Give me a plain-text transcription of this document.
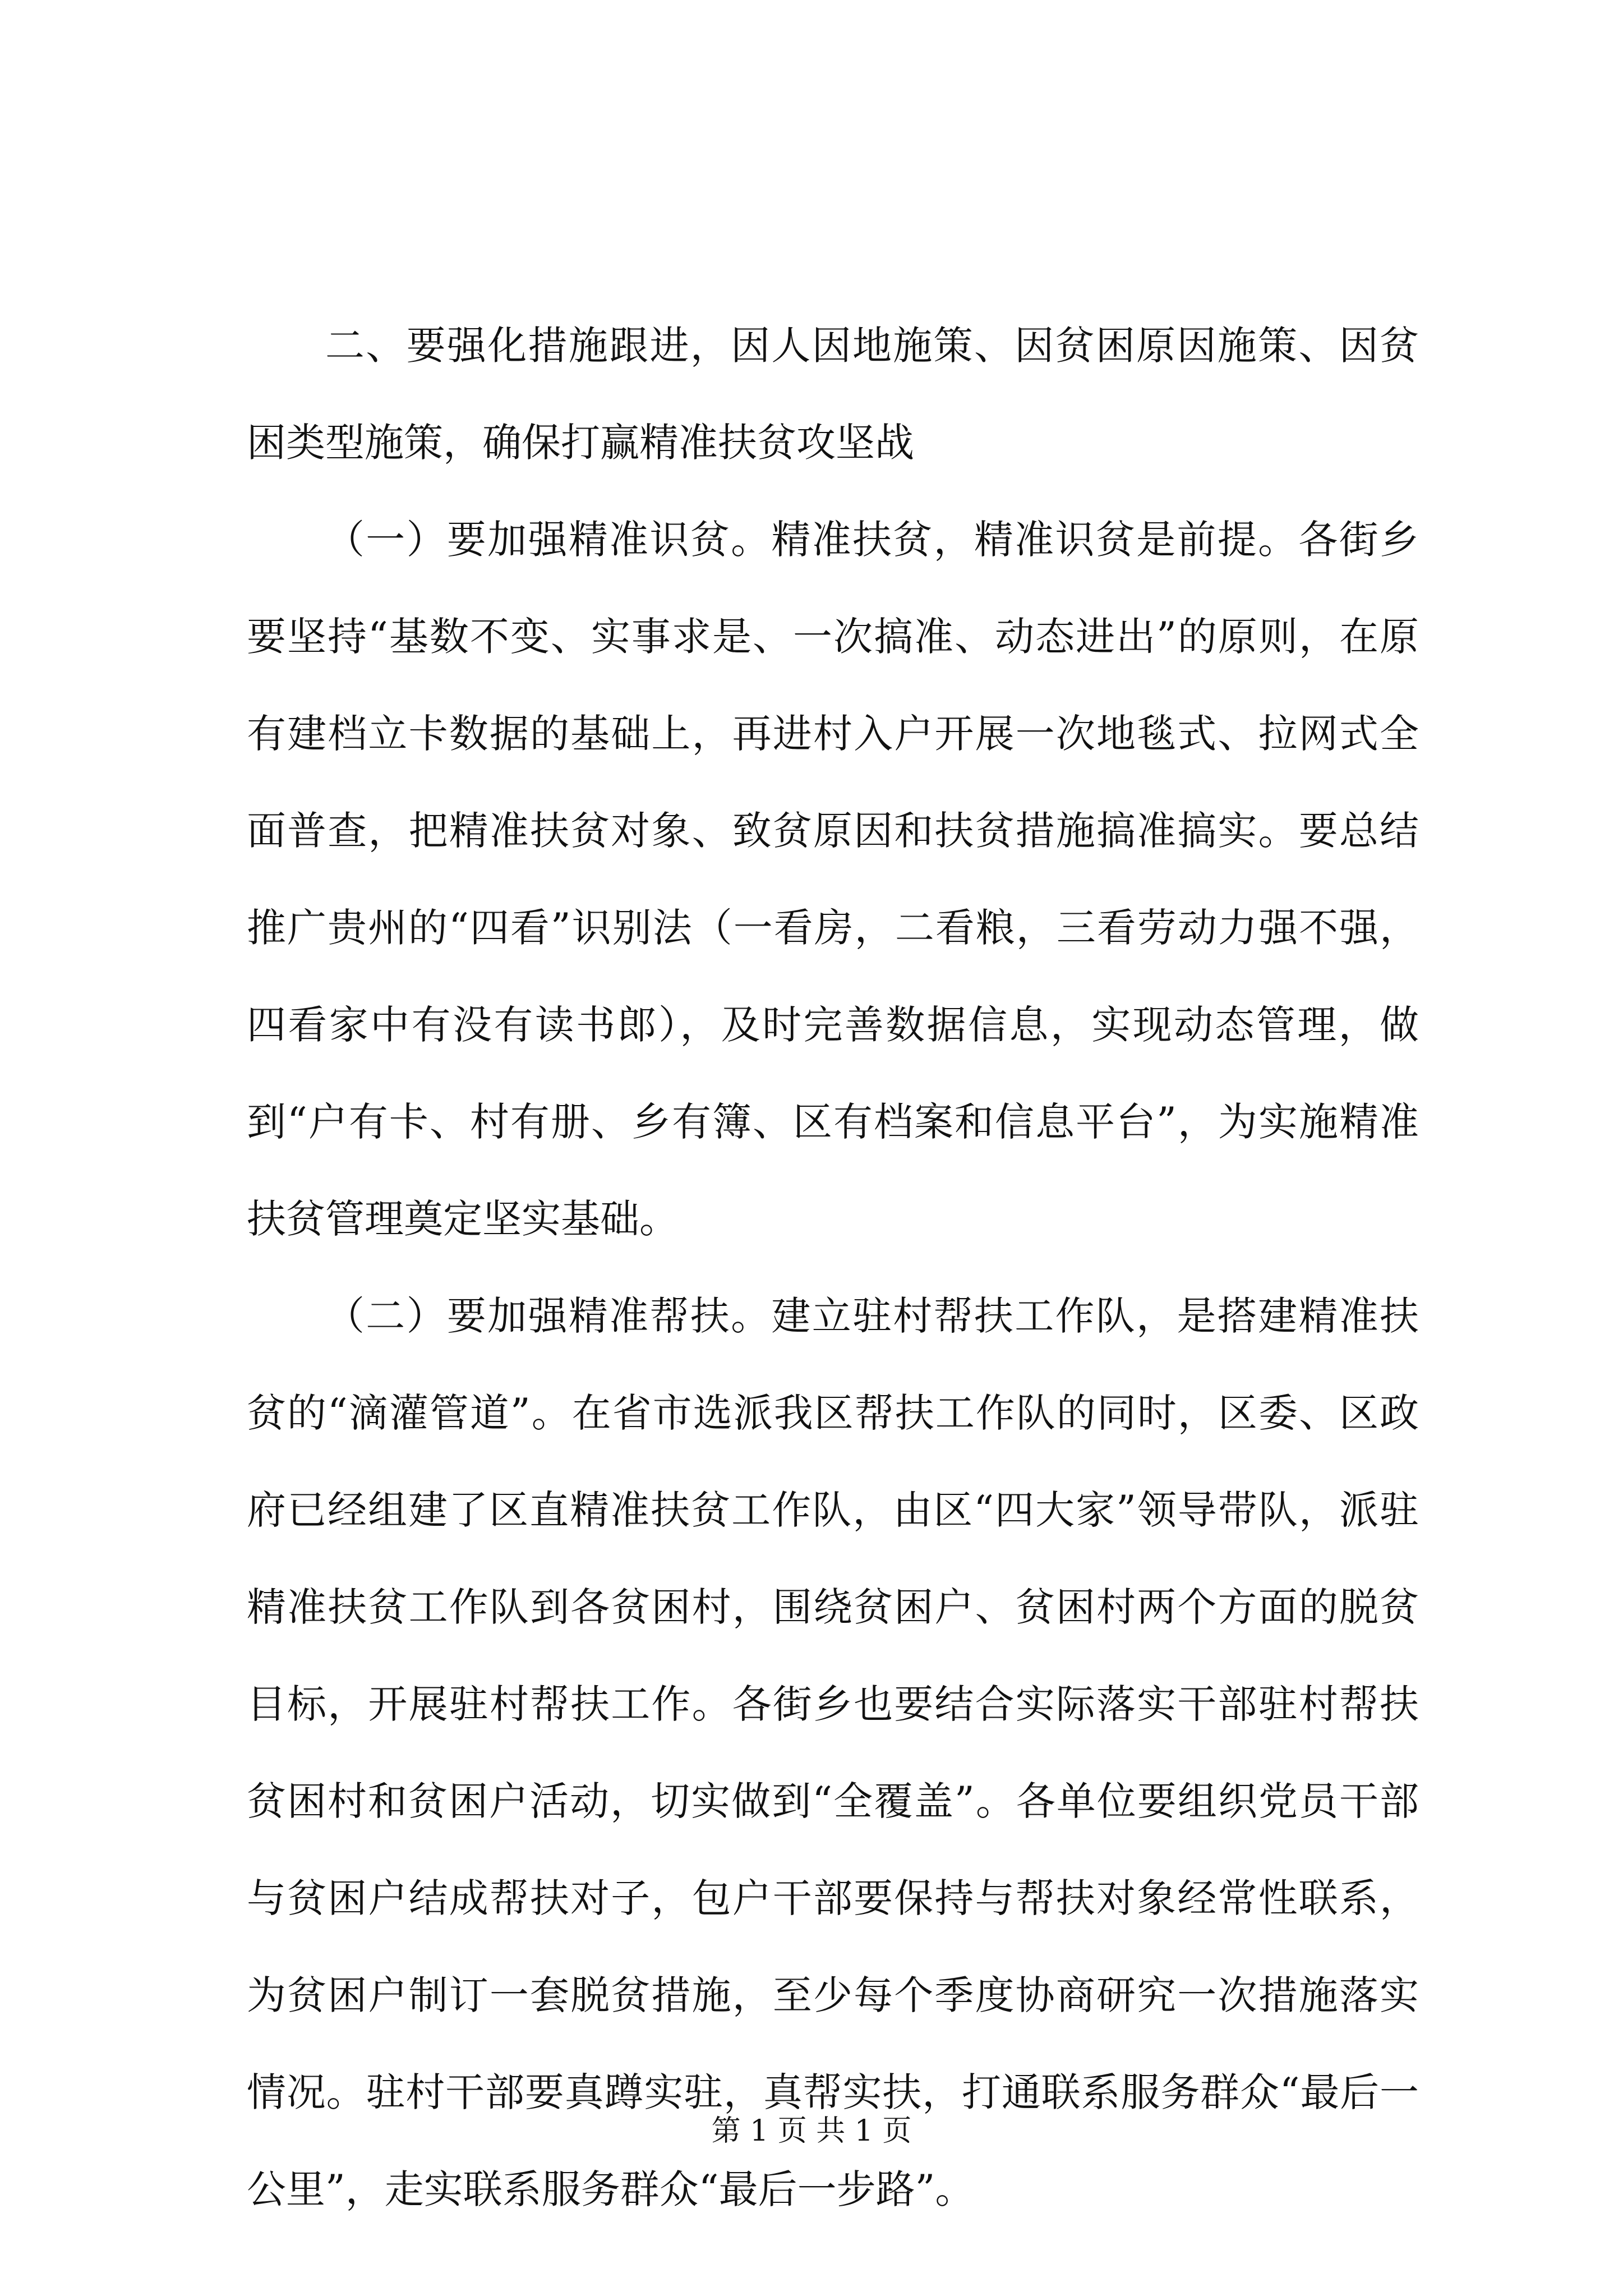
二、要强化措施跟进，因人因地施策、因贫困原因施策、因贫困类型施策，确保打赢精准扶贫攻坚战

（一）要加强精准识贫。精准扶贫，精准识贫是前提。各街乡要坚持“基数不变、实事求是、一次搞准、动态进出”的原则，在原有建档立卡数据的基础上，再进村入户开展一次地毯式、拉网式全面普查，把精准扶贫对象、致贫原因和扶贫措施搞准搞实。要总结推广贵州的“四看”识别法（一看房，二看粮，三看劳动力强不强，四看家中有没有读书郎），及时完善数据信息，实现动态管理，做到“户有卡、村有册、乡有簿、区有档案和信息平台”，为实施精准扶贫管理奠定坚实基础。

（二）要加强精准帮扶。建立驻村帮扶工作队，是搭建精准扶贫的“滴灌管道”。在省市选派我区帮扶工作队的同时，区委、区政府已经组建了区直精准扶贫工作队，由区“四大家”领导带队，派驻精准扶贫工作队到各贫困村，围绕贫困户、贫困村两个方面的脱贫目标，开展驻村帮扶工作。各街乡也要结合实际落实干部驻村帮扶贫困村和贫困户活动，切实做到“全覆盖”。各单位要组织党员干部与贫困户结成帮扶对子，包户干部要保持与帮扶对象经常性联系，为贫困户制订一套脱贫措施，至少每个季度协商研究一次措施落实情况。驻村干部要真蹲实驻，真帮实扶，打通联系服务群众“最后一公里”，走实联系服务群众“最后一步路”。

第 1 页 共 1 页
